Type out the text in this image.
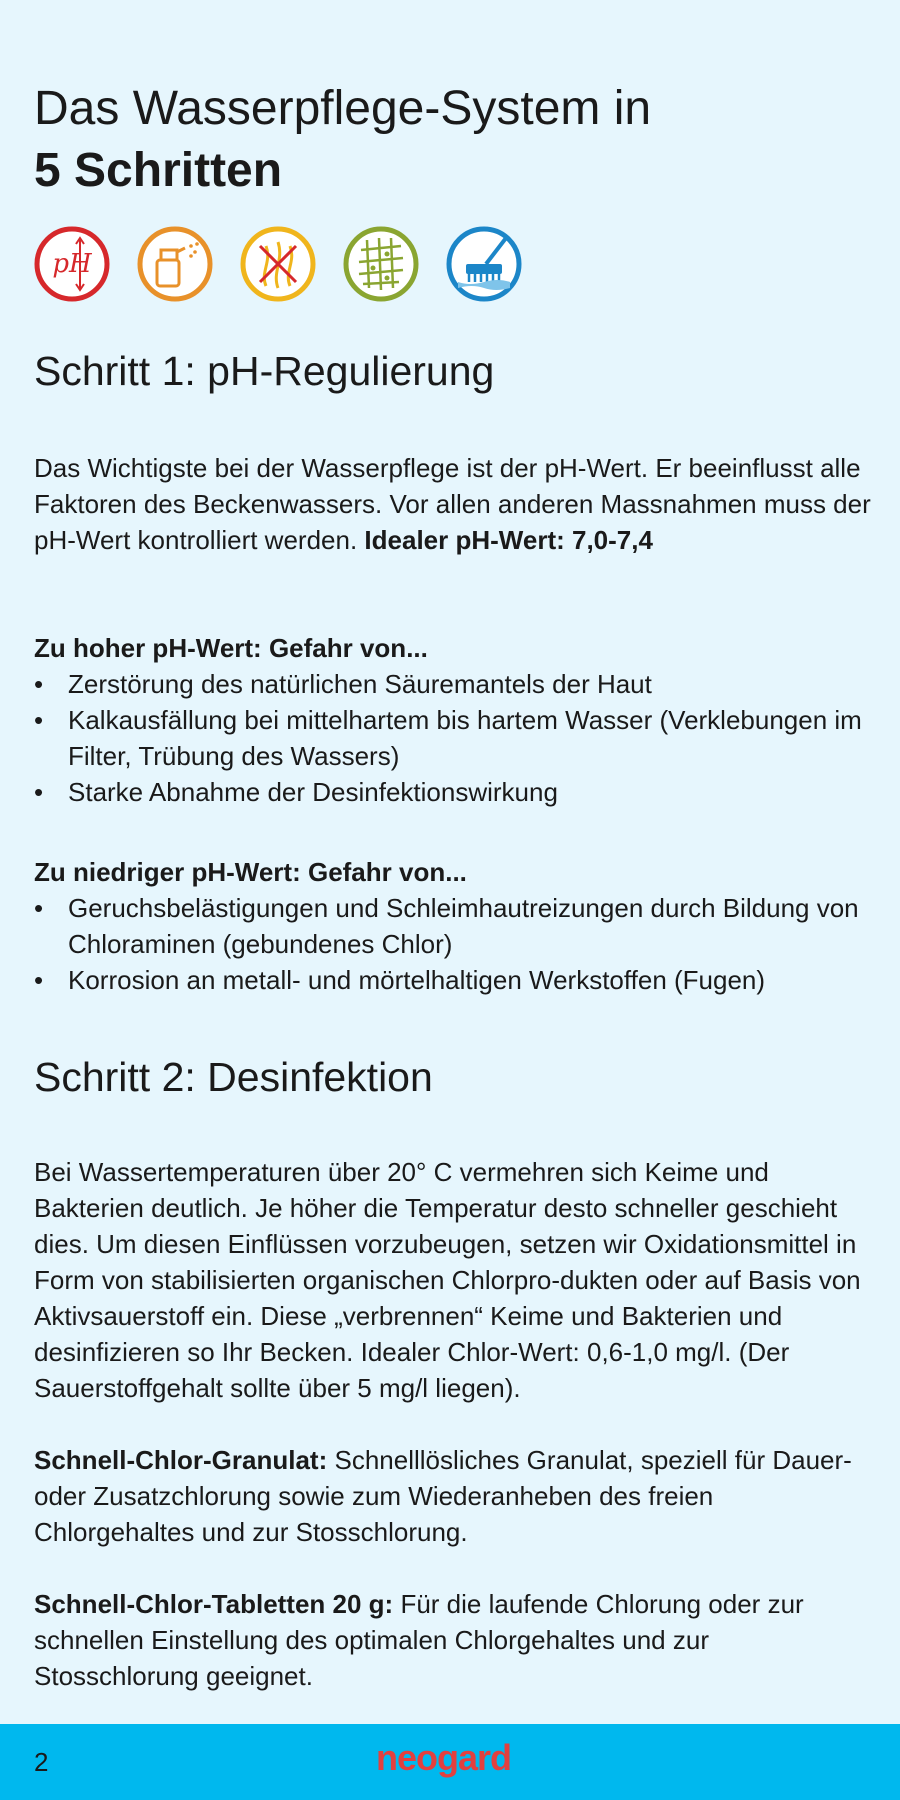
Das Wasserpflege-System in
5 Schritten
pH
Schritt 1: pH-Regulierung

Das Wichtigste bei der Wasserpflege ist der pH-Wert. Er beeinflusst alle Faktoren des Beckenwassers. Vor allen anderen Massnahmen muss der pH-Wert kontrolliert werden. Idealer pH-Wert: 7,0-7,4

Zu hoher pH-Wert: Gefahr von...
• Zerstörung des natürlichen Säuremantels der Haut
• Kalkausfällung bei mittelhartem bis hartem Wasser (Verklebungen im Filter, Trübung des Wassers)
• Starke Abnahme der Desinfektionswirkung
Zu niedriger pH-Wert: Gefahr von...
• Geruchsbelästigungen und Schleimhautreizungen durch Bildung von Chloraminen (gebundenes Chlor)
• Korrosion an metall- und mörtelhaltigen Werkstoffen (Fugen)
Schritt 2: Desinfektion

Bei Wassertemperaturen über 20° C vermehren sich Keime und Bakterien deutlich. Je höher die Temperatur desto schneller geschieht dies. Um diesen Einflüssen vorzubeugen, setzen wir Oxidationsmittel in Form von stabilisierten organischen Chlorpro-dukten oder auf Basis von Aktivsauerstoff ein. Diese „verbrennen“ Keime und Bakterien und desinfizieren so Ihr Becken. Idealer Chlor-Wert: 0,6-1,0 mg/l. (Der Sauerstoffgehalt sollte über 5 mg/l liegen).

Schnell-Chlor-Granulat: Schnelllösliches Granulat, speziell für Dauer- oder Zusatzchlorung sowie zum Wiederanheben des freien Chlorgehaltes und zur Stosschlorung.

Schnell-Chlor-Tabletten 20 g: Für die laufende Chlorung oder zur schnellen Einstellung des optimalen Chlorgehaltes und zur Stosschlorung geeignet.

2	neogard
